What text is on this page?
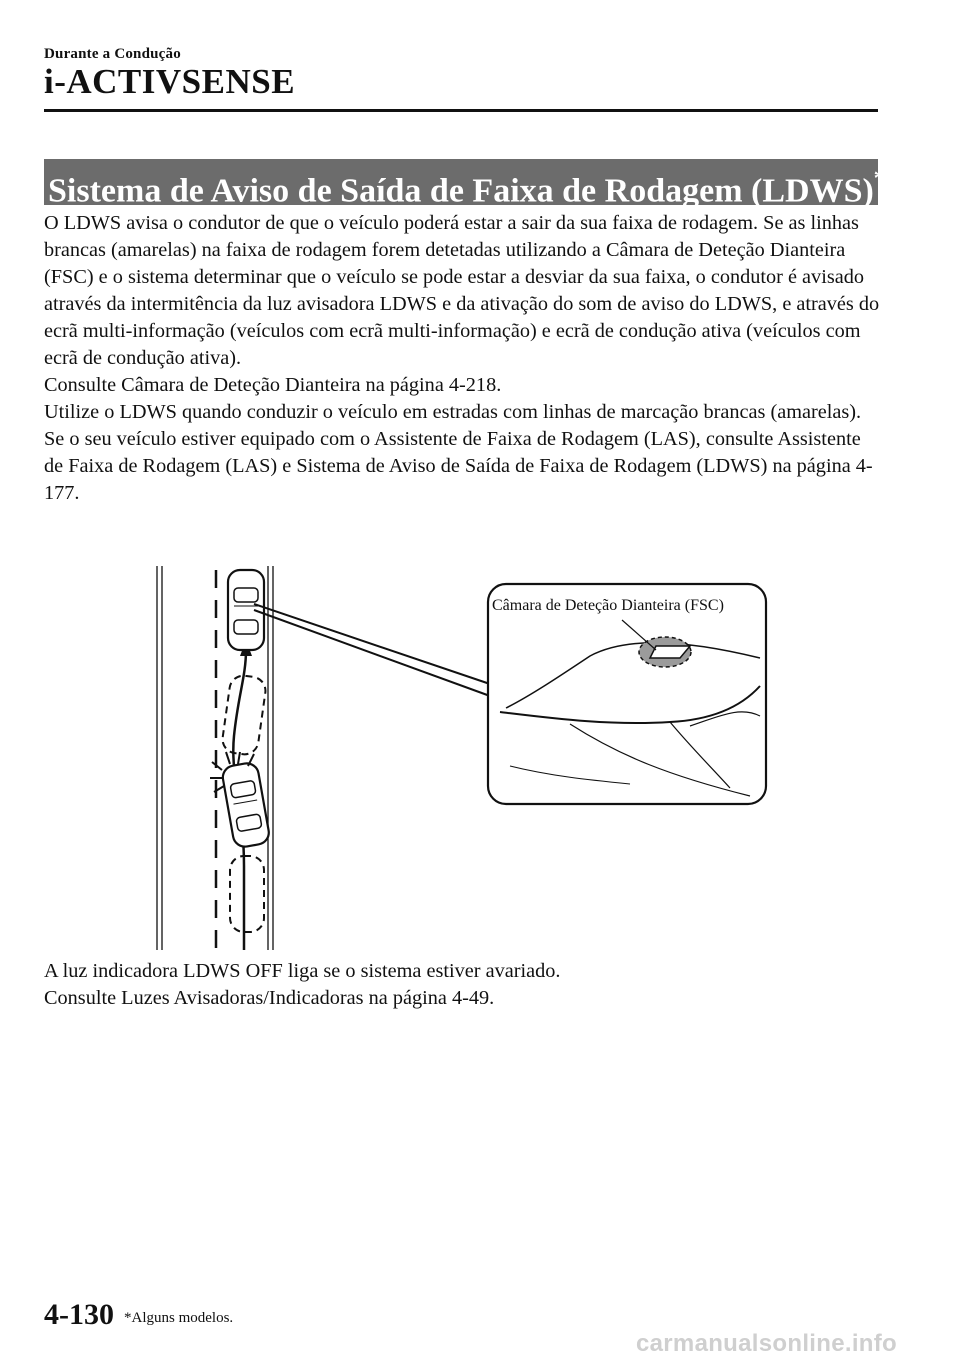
Durante a Condução
i-ACTIVSENSE
Sistema de Aviso de Saída de Faixa de Rodagem (LDWS)*

O LDWS avisa o condutor de que o veículo poderá estar a sair da sua faixa de rodagem. Se as linhas brancas (amarelas) na faixa de rodagem forem detetadas utilizando a Câmara de Deteção Dianteira (FSC) e o sistema determinar que o veículo se pode estar a desviar da sua faixa, o condutor é avisado através da intermitência da luz avisadora LDWS e da ativação do som de aviso do LDWS, e através do ecrã multi-informação (veículos com ecrã multi-informação) e ecrã de condução ativa (veículos com ecrã de condução ativa).

Consulte Câmara de Deteção Dianteira na página 4-218.

Utilize o LDWS quando conduzir o veículo em estradas com linhas de marcação brancas (amarelas).

Se o seu veículo estiver equipado com o Assistente de Faixa de Rodagem (LAS), consulte Assistente de Faixa de Rodagem (LAS) e Sistema de Aviso de Saída de Faixa de Rodagem (LDWS) na página 4-177.

Câmara de Deteção Dianteira (FSC)

A luz indicadora LDWS OFF liga se o sistema estiver avariado.

Consulte Luzes Avisadoras/Indicadoras na página 4-49.

4-130 *Alguns modelos.
carmanualsonline.info
